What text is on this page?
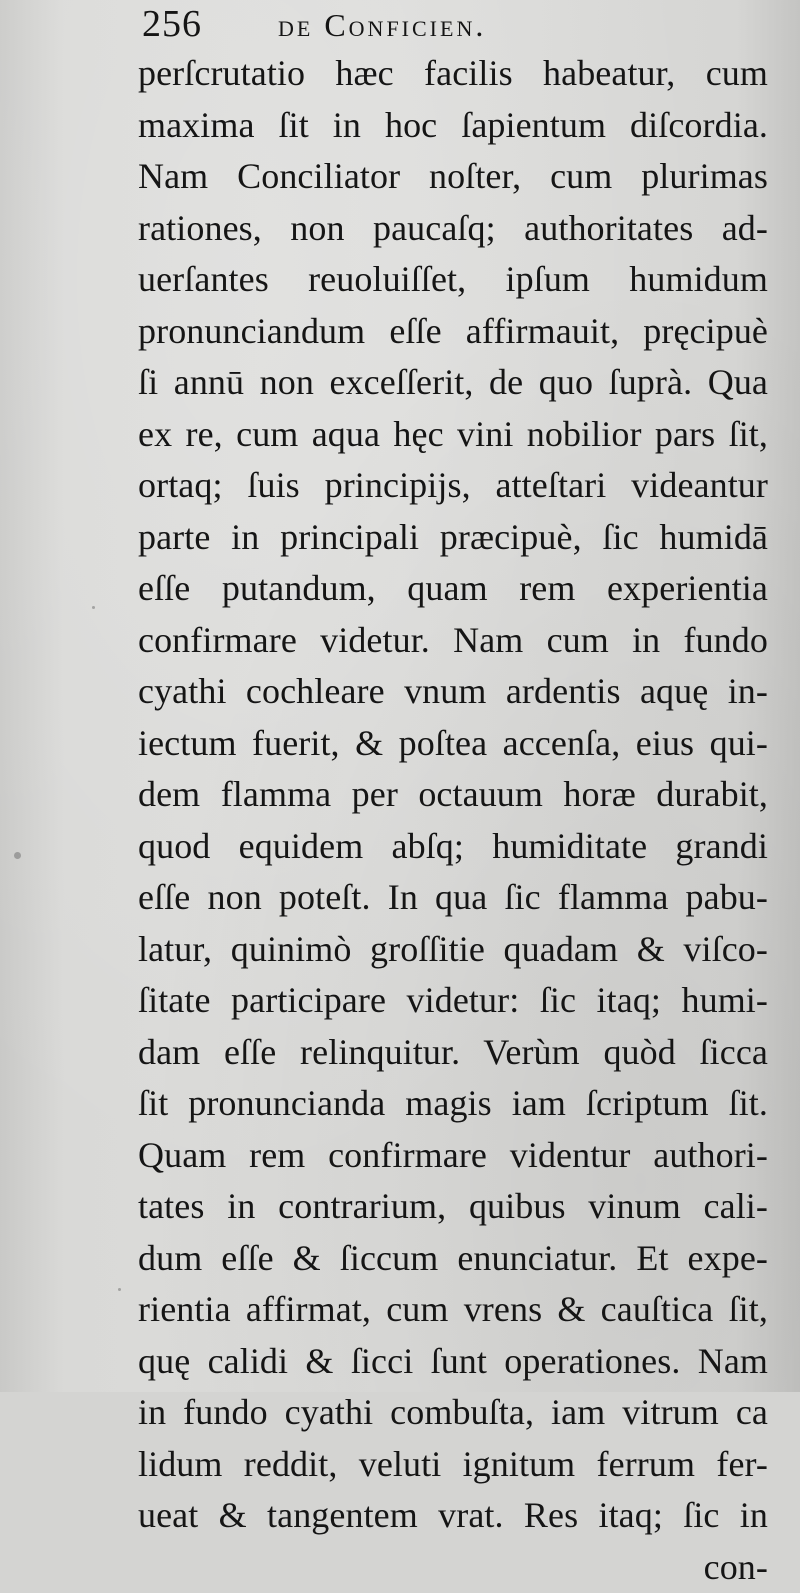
256 de Conficien.
perſcrutatio hæc facilis habeatur, cum
maxima ſit in hoc ſapientum diſcordia.
Nam Conciliator noſter, cum plurimas
rationes, non paucaſq; authoritates ad-
uerſantes reuoluiſſet, ipſum humidum
pronunciandum eſſe affirmauit, pręcipuè
ſi annū non exceſſerit, de quo ſuprà. Qua
ex re, cum aqua hęc vini nobilior pars ſit,
ortaq; ſuis principijs, atteſtari videantur
parte in principali præcipuè, ſic humidā
eſſe putandum, quam rem experientia
confirmare videtur. Nam cum in fundo
cyathi cochleare vnum ardentis aquę in-
iectum fuerit, & poſtea accenſa, eius qui-
dem flamma per octauum horæ durabit,
quod equidem abſq; humiditate grandi
eſſe non poteſt. In qua ſic flamma pabu-
latur, quinimò groſſitie quadam & viſco-
ſitate participare videtur: ſic itaq; humi-
dam eſſe relinquitur. Verùm quòd ſicca
ſit pronuncianda magis iam ſcriptum ſit.
Quam rem confirmare videntur authori-
tates in contrarium, quibus vinum cali-
dum eſſe & ſiccum enunciatur. Et expe-
rientia affirmat, cum vrens & cauſtica ſit,
quę calidi & ſicci ſunt operationes. Nam
in fundo cyathi combuſta, iam vitrum ca
lidum reddit, veluti ignitum ferrum fer-
ueat & tangentem vrat. Res itaq; ſic in
con-
